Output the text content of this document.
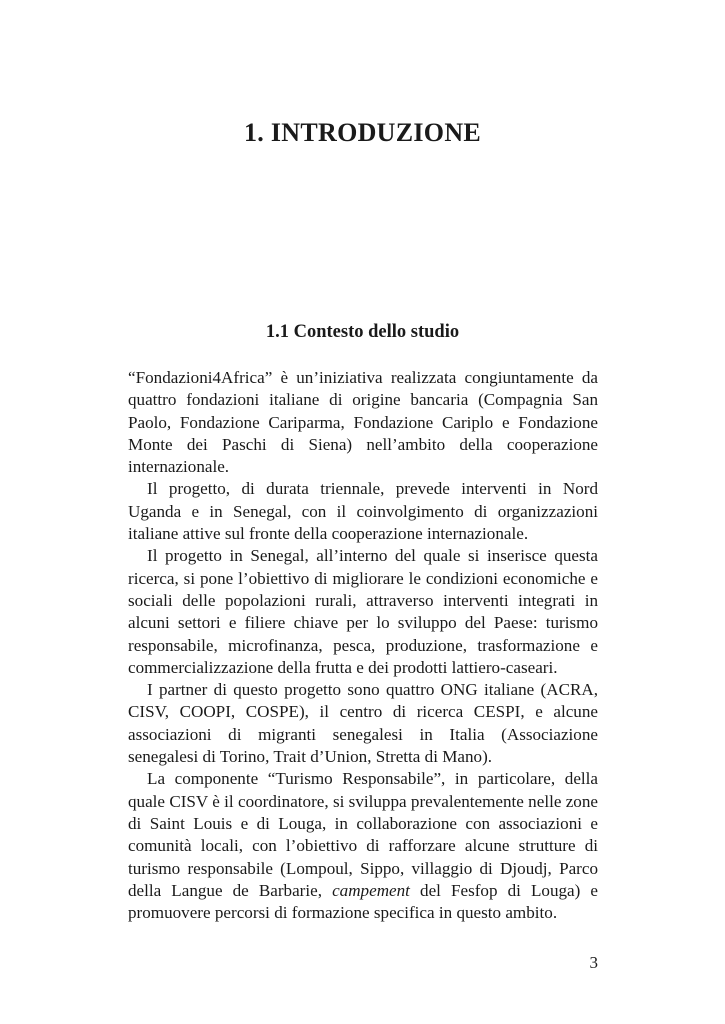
1. INTRODUZIONE
1.1 Contesto dello studio

“Fondazioni4Africa” è un’iniziativa realizzata congiuntamente da quattro fondazioni italiane di origine bancaria (Compagnia San Paolo, Fondazione Cariparma, Fondazione Cariplo e Fondazione Monte dei Paschi di Siena) nell’ambito della cooperazione internazionale.

Il progetto, di durata triennale, prevede interventi in Nord Uganda e in Senegal, con il coinvolgimento di organizzazioni italiane attive sul fronte della cooperazione internazionale.

Il progetto in Senegal, all’interno del quale si inserisce questa ricerca, si pone l’obiettivo di migliorare le condizioni economiche e sociali delle popolazioni rurali, attraverso interventi integrati in alcuni settori e filiere chiave per lo sviluppo del Paese: turismo responsabile, microfinanza, pesca, produzione, trasformazione e commercializzazione della frutta e dei prodotti lattiero-caseari.

I partner di questo progetto sono quattro ONG italiane (ACRA, CISV, COOPI, COSPE), il centro di ricerca CESPI, e alcune associazioni di migranti senegalesi in Italia (Associazione senegalesi di Torino, Trait d’Union, Stretta di Mano).

La componente “Turismo Responsabile”, in particolare, della quale CISV è il coordinatore, si sviluppa prevalentemente nelle zone di Saint Louis e di Louga, in collaborazione con associazioni e comunità locali, con l’obiettivo di rafforzare alcune strutture di turismo responsabile (Lompoul, Sippo, villaggio di Djoudj, Parco della Langue de Barbarie, campement del Fesfop di Louga) e promuovere percorsi di formazione specifica in questo ambito.

3
